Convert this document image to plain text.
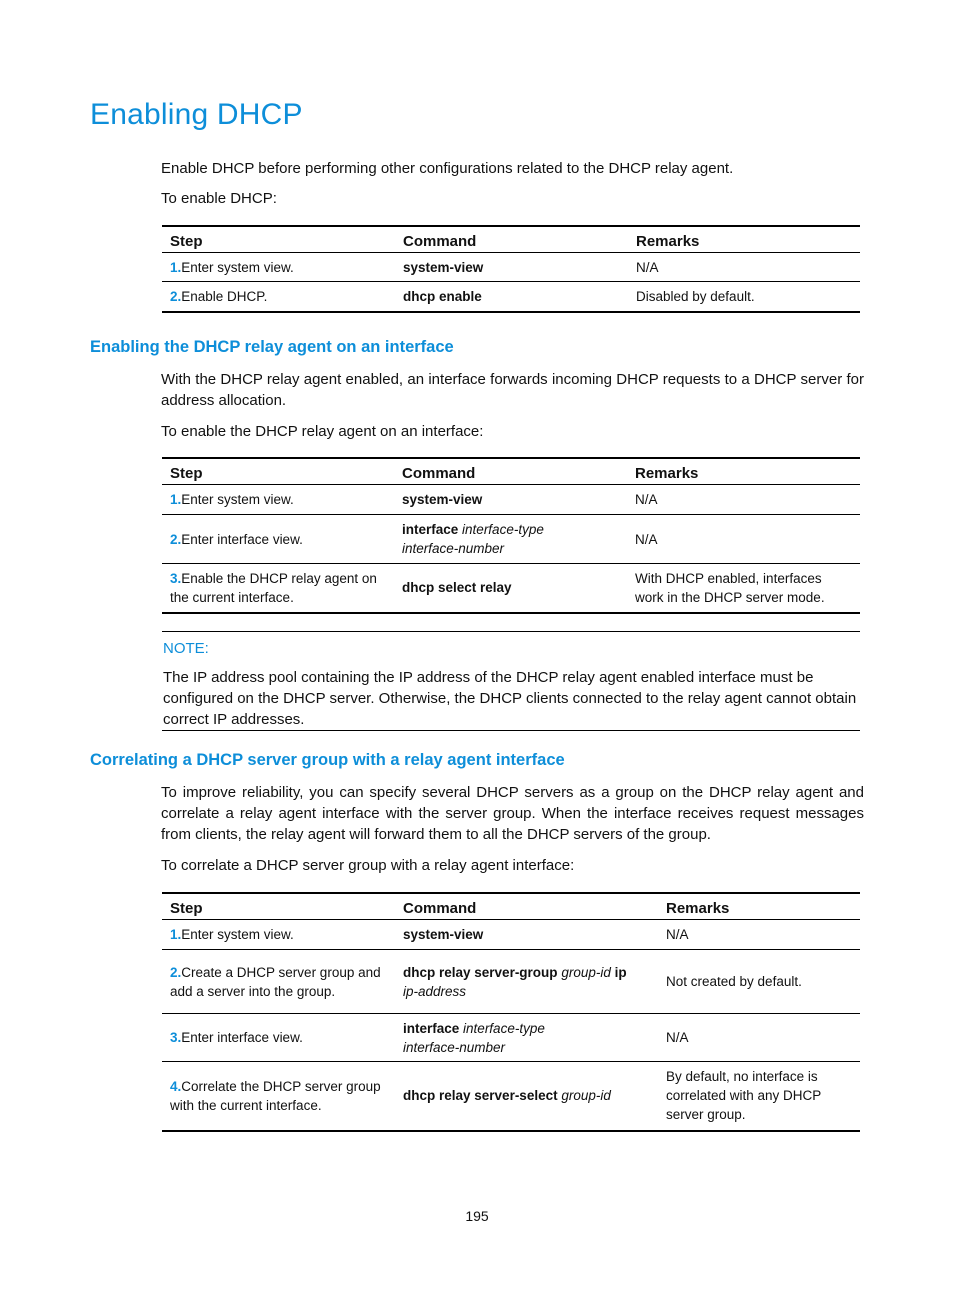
Enabling DHCP

Enable DHCP before performing other configurations related to the DHCP relay agent.

To enable DHCP:

Step	Command	Remarks

1.Enter system view.	system-view	N/A

2.Enable DHCP.	dhcp enable	Disabled by default.
Enabling the DHCP relay agent on an interface

With the DHCP relay agent enabled, an interface forwards incoming DHCP requests to a DHCP server for address allocation.

To enable the DHCP relay agent on an interface:

Step	Command	Remarks

1.Enter system view.	system-view	N/A

2.Enter interface view.	interface interface-type
interface-number	N/A

3.Enable the DHCP relay agent on the current interface.	dhcp select relay	With DHCP enabled, interfaces work in the DHCP server mode.
NOTE:

The IP address pool containing the IP address of the DHCP relay agent enabled interface must be configured on the DHCP server. Otherwise, the DHCP clients connected to the relay agent cannot obtain correct IP addresses.

Correlating a DHCP server group with a relay agent interface

To improve reliability, you can specify several DHCP servers as a group on the DHCP relay agent and correlate a relay agent interface with the server group. When the interface receives request messages from clients, the relay agent will forward them to all the DHCP servers of the group.

To correlate a DHCP server group with a relay agent interface:

Step	Command	Remarks

1.Enter system view.	system-view	N/A

2.Create a DHCP server group and add a server into the group.	dhcp relay server-group group-id ip
ip-address	Not created by default.

3.Enter interface view.	interface interface-type
interface-number	N/A

4.Correlate the DHCP server group with the current interface.	dhcp relay server-select group-id	By default, no interface is correlated with any DHCP server group.
195
